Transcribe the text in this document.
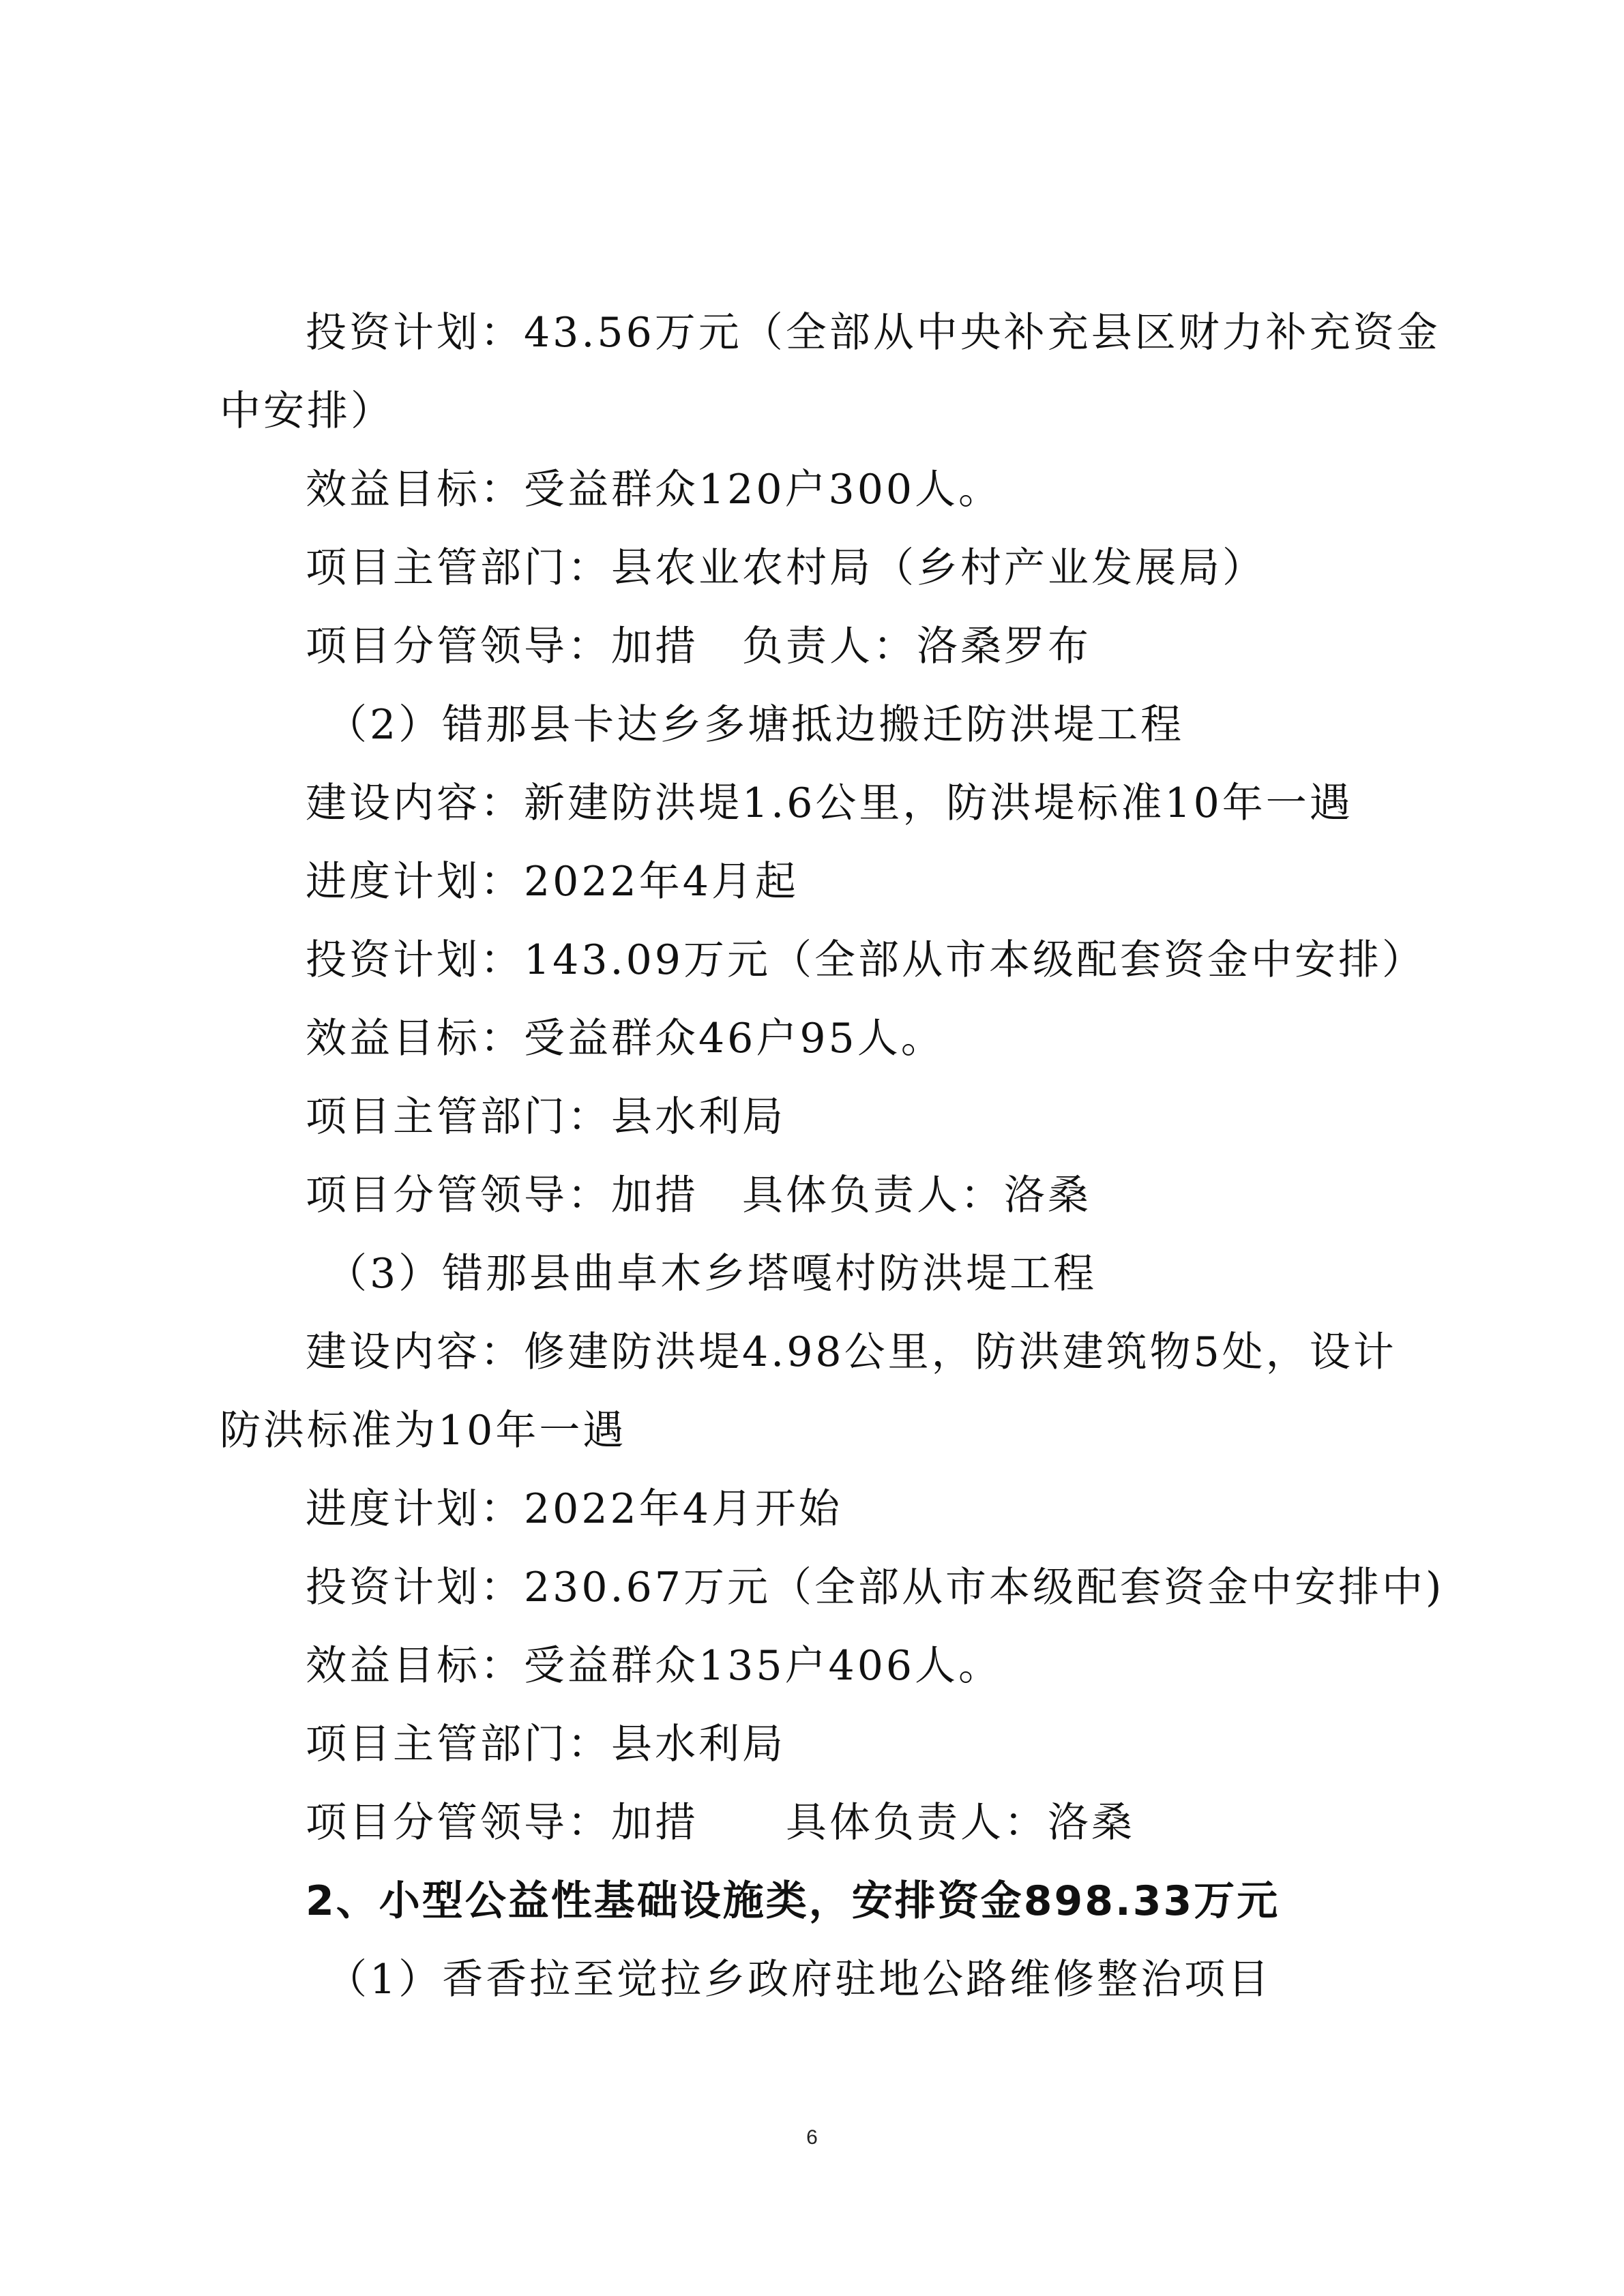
投资计划：43.56万元（全部从中央补充县区财力补充资金
中安排）
效益目标：受益群众120户300人。
项目主管部门：县农业农村局（乡村产业发展局）
项目分管领导：加措　负责人：洛桑罗布
（2）错那县卡达乡多塘抵边搬迁防洪堤工程
建设内容：新建防洪堤1.6公里，防洪堤标准10年一遇
进度计划：2022年4月起
投资计划：143.09万元（全部从市本级配套资金中安排）
效益目标：受益群众46户95人。
项目主管部门：县水利局
项目分管领导：加措　具体负责人：洛桑
（3）错那县曲卓木乡塔嘎村防洪堤工程
建设内容：修建防洪堤4.98公里，防洪建筑物5处，设计
防洪标准为10年一遇
进度计划：2022年4月开始
投资计划：230.67万元（全部从市本级配套资金中安排中)
效益目标：受益群众135户406人。
项目主管部门：县水利局
项目分管领导：加措　　具体负责人：洛桑
2、小型公益性基础设施类，安排资金898.33万元
（1）香香拉至觉拉乡政府驻地公路维修整治项目
6
